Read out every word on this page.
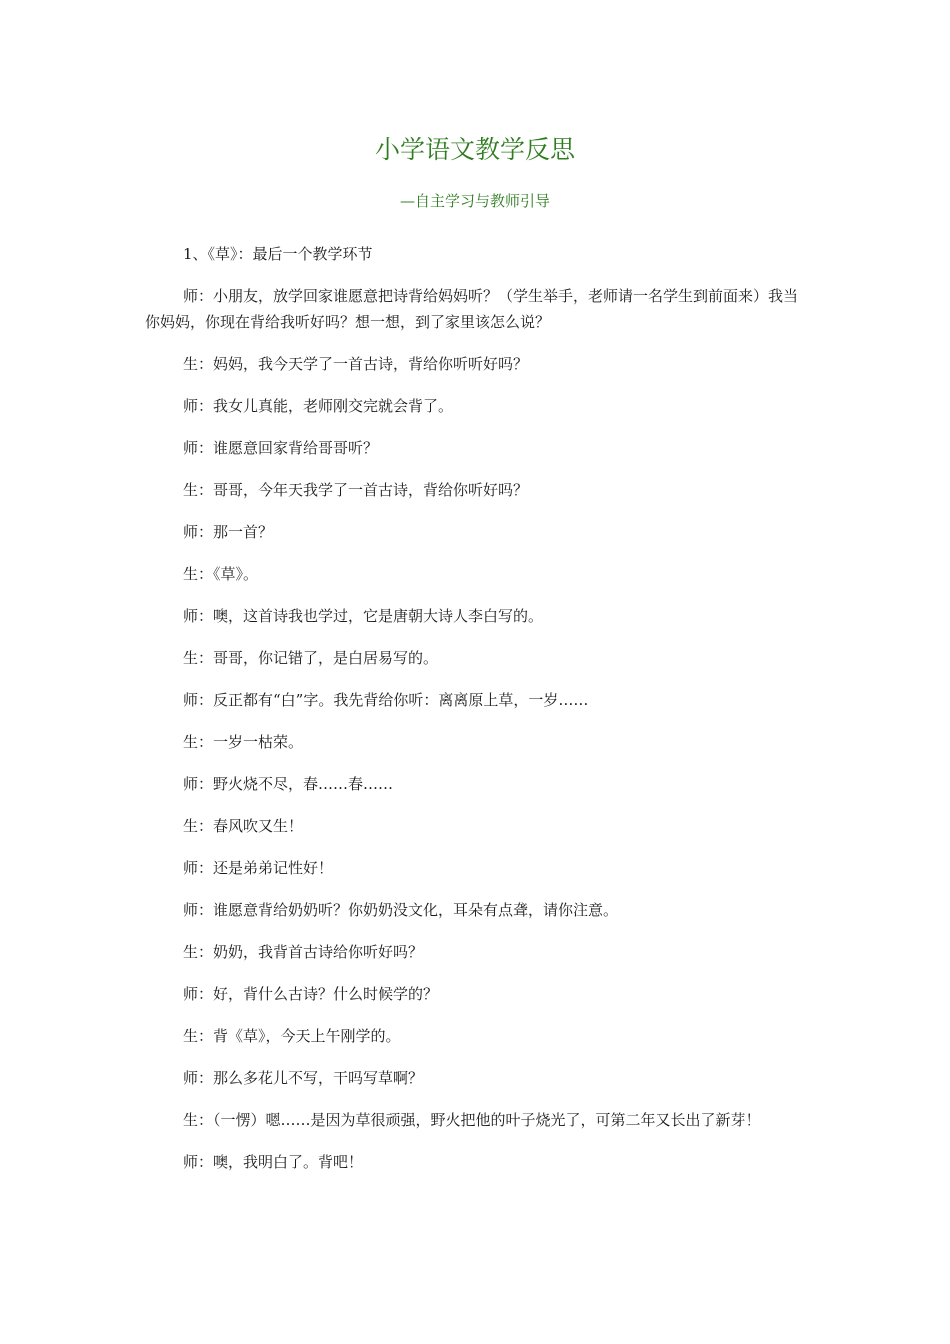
小学语文教学反思

—自主学习与教师引导

1、《草》：最后一个教学环节

师：小朋友，放学回家谁愿意把诗背给妈妈听？（学生举手，老师请一名学生到前面来）我当你妈妈，你现在背给我听好吗？想一想，到了家里该怎么说？

生：妈妈，我今天学了一首古诗，背给你听听好吗？

师：我女儿真能，老师刚交完就会背了。

师：谁愿意回家背给哥哥听？

生：哥哥，今年天我学了一首古诗，背给你听好吗？

师：那一首？

生：《草》。

师：噢，这首诗我也学过，它是唐朝大诗人李白写的。

生：哥哥，你记错了，是白居易写的。

师：反正都有“白”字。我先背给你听：离离原上草，一岁……

生：一岁一枯荣。

师：野火烧不尽，春……春……

生：春风吹又生！

师：还是弟弟记性好！

师：谁愿意背给奶奶听？你奶奶没文化，耳朵有点聋，请你注意。

生：奶奶，我背首古诗给你听好吗？

师：好，背什么古诗？什么时候学的？

生：背《草》，今天上午刚学的。

师：那么多花儿不写，干吗写草啊？

生：（一愣）嗯……是因为草很顽强，野火把他的叶子烧光了，可第二年又长出了新芽！

师：噢，我明白了。背吧！
